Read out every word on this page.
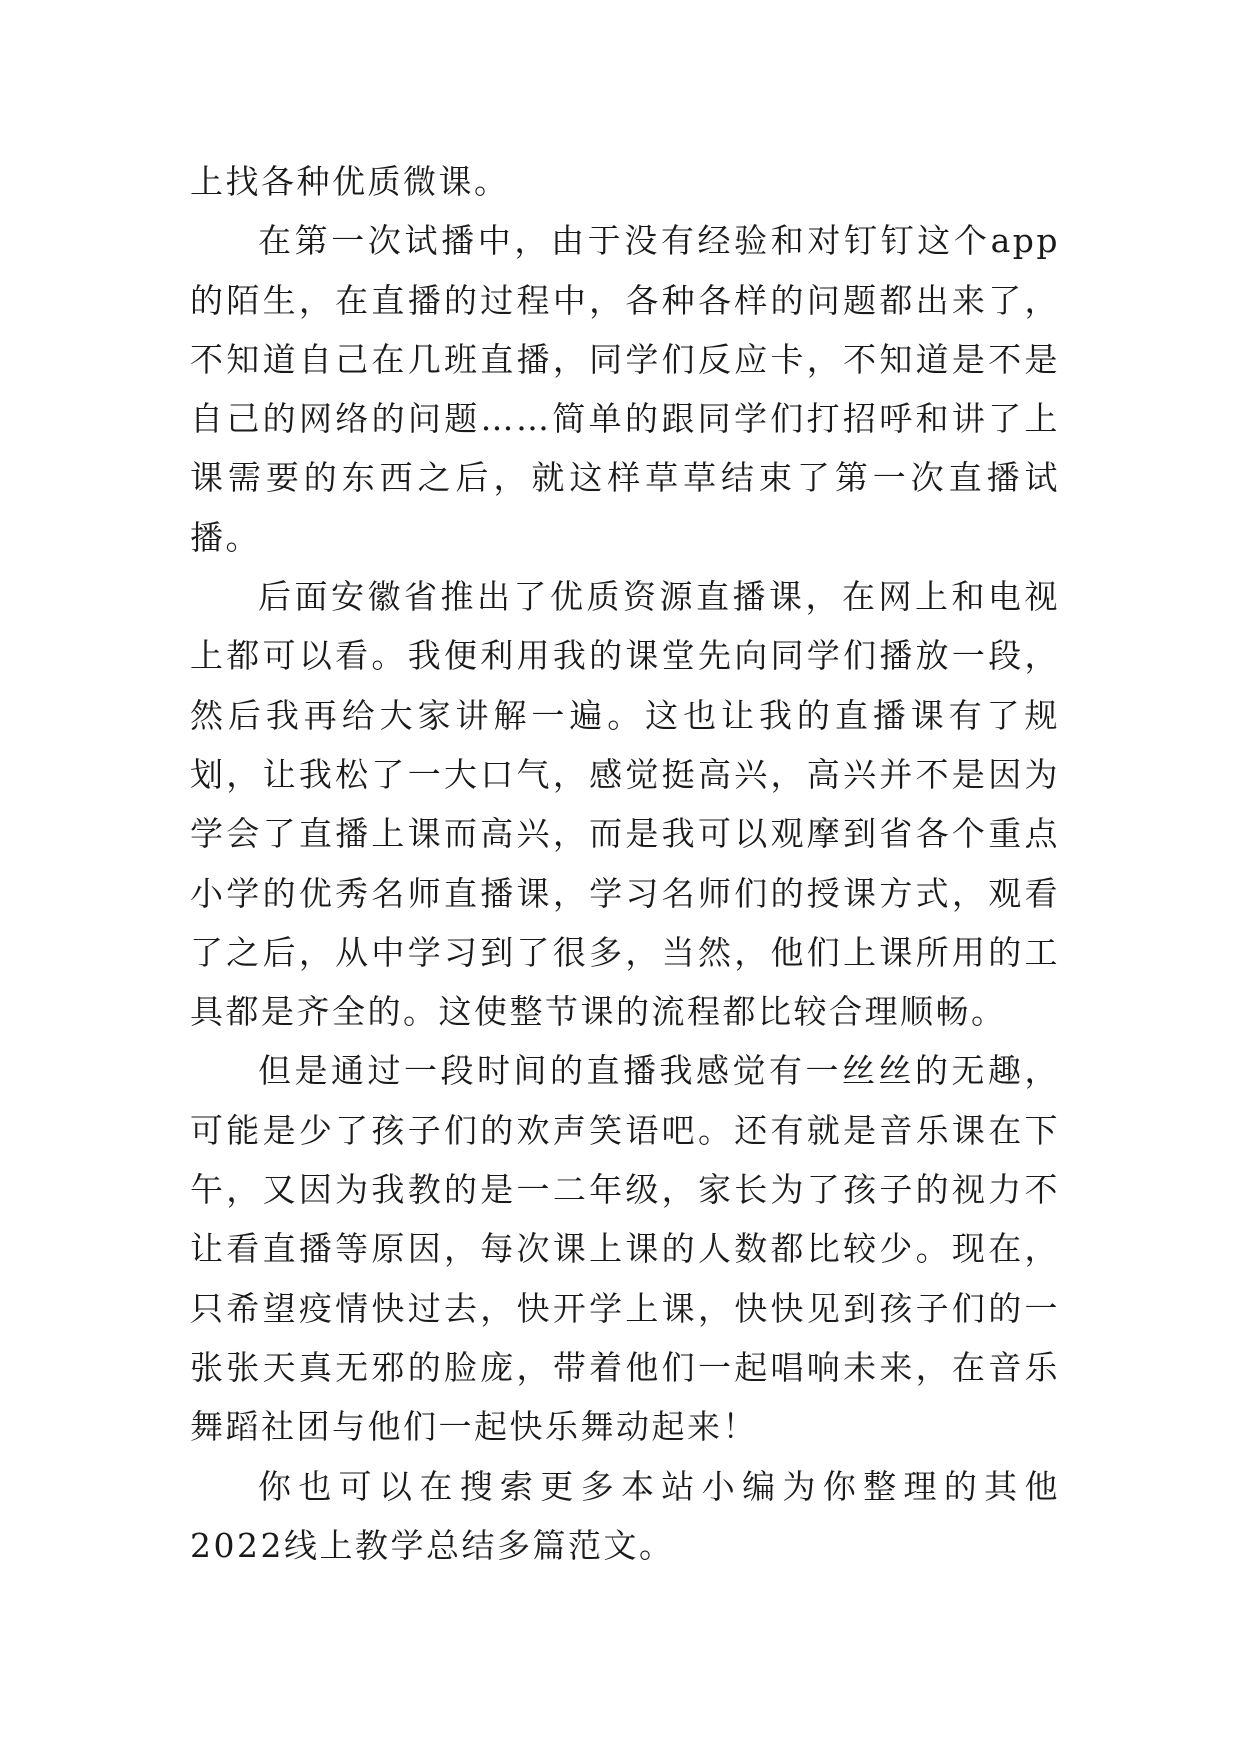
上找各种优质微课。

在第一次试播中，由于没有经验和对钉钉这个app的陌生，在直播的过程中，各种各样的问题都出来了，不知道自己在几班直播，同学们反应卡，不知道是不是自己的网络的问题……简单的跟同学们打招呼和讲了上课需要的东西之后，就这样草草结束了第一次直播试播。

后面安徽省推出了优质资源直播课，在网上和电视上都可以看。我便利用我的课堂先向同学们播放一段，然后我再给大家讲解一遍。这也让我的直播课有了规划，让我松了一大口气，感觉挺高兴，高兴并不是因为学会了直播上课而高兴，而是我可以观摩到省各个重点小学的优秀名师直播课，学习名师们的授课方式，观看了之后，从中学习到了很多，当然，他们上课所用的工具都是齐全的。这使整节课的流程都比较合理顺畅。

但是通过一段时间的直播我感觉有一丝丝的无趣，可能是少了孩子们的欢声笑语吧。还有就是音乐课在下午，又因为我教的是一二年级，家长为了孩子的视力不让看直播等原因，每次课上课的人数都比较少。现在，只希望疫情快过去，快开学上课，快快见到孩子们的一张张天真无邪的脸庞，带着他们一起唱响未来，在音乐舞蹈社团与他们一起快乐舞动起来！

你也可以在搜索更多本站小编为你整理的其他2022线上教学总结多篇范文。
